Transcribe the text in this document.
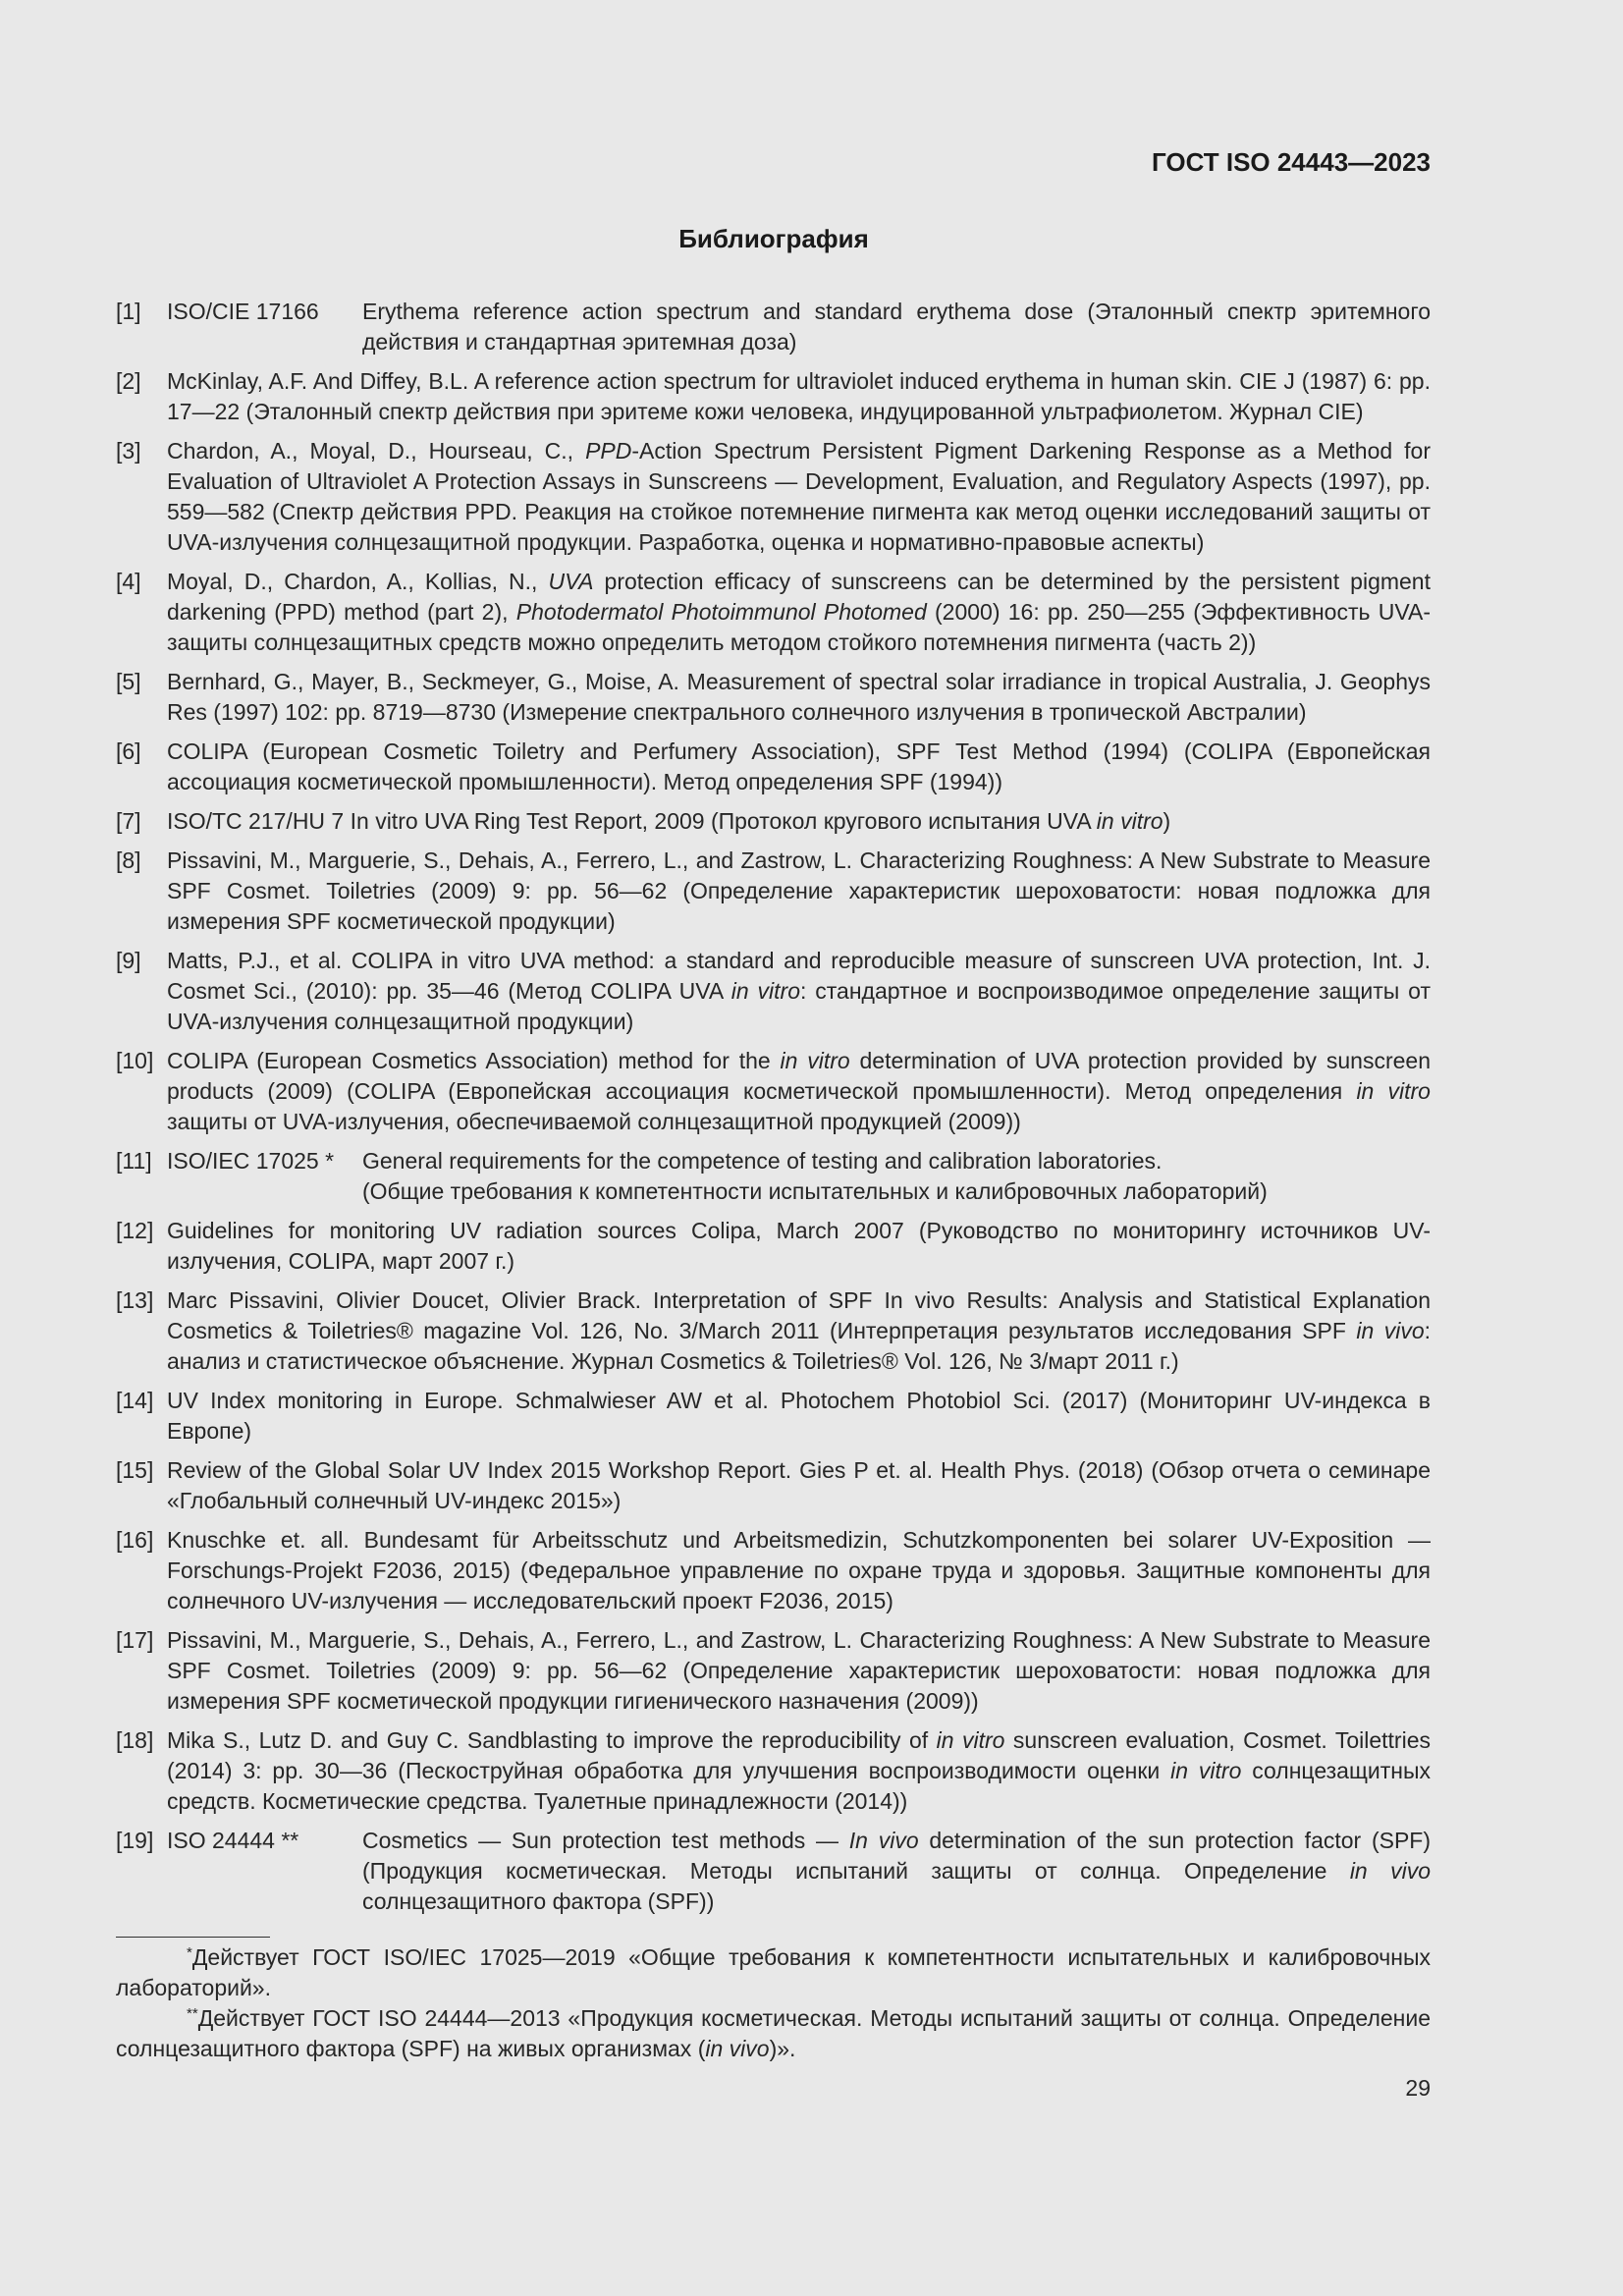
ГОСТ ISO 24443—2023
Библиография
[1]	ISO/CIE 17166	Erythema reference action spectrum and standard erythema dose (Эталонный спектр эритемного действия и стандартная эритемная доза)
[2]	McKinlay, A.F. And Diffey, B.L. A reference action spectrum for ultraviolet induced erythema in human skin. CIE J (1987) 6: pp. 17—22 (Эталонный спектр действия при эритеме кожи человека, индуцированной ультрафиолетом. Журнал CIE)
[3]	Chardon, A., Moyal, D., Hourseau, C., PPD-Action Spectrum Persistent Pigment Darkening Response as a Method for Evaluation of Ultraviolet A Protection Assays in Sunscreens — Development, Evaluation, and Regulatory Aspects (1997), pp. 559—582 (Спектр действия PPD. Реакция на стойкое потемнение пигмента как метод оценки исследований защиты от UVA-излучения солнцезащитной продукции. Разработка, оценка и нормативно-правовые аспекты)
[4]	Moyal, D., Chardon, A., Kollias, N., UVA protection efficacy of sunscreens can be determined by the persistent pigment darkening (PPD) method (part 2), Photodermatol Photoimmunol Photomed (2000) 16: pp. 250—255 (Эффективность UVA-защиты солнцезащитных средств можно определить методом стойкого потемнения пигмента (часть 2))
[5]	Bernhard, G., Mayer, B., Seckmeyer, G., Moise, A. Measurement of spectral solar irradiance in tropical Australia, J. Geophys Res (1997) 102: pp. 8719—8730 (Измерение спектрального солнечного излучения в тропической Австралии)
[6]	COLIPA (European Cosmetic Toiletry and Perfumery Association), SPF Test Method (1994) (COLIPA (Европейская ассоциация косметической промышленности). Метод определения SPF (1994))
[7]	ISO/TC 217/HU 7 In vitro UVA Ring Test Report, 2009 (Протокол кругового испытания UVA in vitro)
[8]	Pissavini, M., Marguerie, S., Dehais, A., Ferrero, L., and Zastrow, L. Characterizing Roughness: A New Substrate to Measure SPF Cosmet. Toiletries (2009) 9: pp. 56—62 (Определение характеристик шероховатости: новая подложка для измерения SPF косметической продукции)
[9]	Matts, P.J., et al. COLIPA in vitro UVA method: a standard and reproducible measure of sunscreen UVA protection, Int. J. Cosmet Sci., (2010): pp. 35—46 (Метод COLIPA UVA in vitro: стандартное и воспроизводимое определение защиты от UVA-излучения солнцезащитной продукции)
[10] COLIPA (European Cosmetics Association) method for the in vitro determination of UVA protection provided by sunscreen products (2009) (COLIPA (Европейская ассоциация косметической промышленности). Метод определения in vitro защиты от UVA-излучения, обеспечиваемой солнцезащитной продукцией (2009))
[11] ISO/IEC 17025 *	General requirements for the competence of testing and calibration laboratories.
(Общие требования к компетентности испытательных и калибровочных лабораторий)
[12] Guidelines for monitoring UV radiation sources Colipa, March 2007 (Руководство по мониторингу источников UV-излучения, COLIPA, март 2007 г.)
[13] Marc Pissavini, Olivier Doucet, Olivier Brack. Interpretation of SPF In vivo Results: Analysis and Statistical Explanation Cosmetics & Toiletries® magazine Vol. 126, No. 3/March 2011 (Интерпретация результатов исследования SPF in vivo: анализ и статистическое объяснение. Журнал Cosmetics & Toiletries® Vol. 126, № 3/март 2011 г.)
[14] UV Index monitoring in Europe. Schmalwieser AW et al. Photochem Photobiol Sci. (2017) (Мониторинг UV-индекса в Европе)
[15] Review of the Global Solar UV Index 2015 Workshop Report. Gies P et. al. Health Phys. (2018) (Обзор отчета о семинаре «Глобальный солнечный UV-индекс 2015»)
[16] Knuschke et. all. Bundesamt für Arbeitsschutz und Arbeitsmedizin, Schutzkomponenten bei solarer UV-Exposition — Forschungs-Projekt F2036, 2015) (Федеральное управление по охране труда и здоровья. Защитные компоненты для солнечного UV-излучения — исследовательский проект F2036, 2015)
[17] Pissavini, M., Marguerie, S., Dehais, A., Ferrero, L., and Zastrow, L. Characterizing Roughness: A New Substrate to Measure SPF Cosmet. Toiletries (2009) 9: pp. 56—62 (Определение характеристик шероховатости: новая подложка для измерения SPF косметической продукции гигиенического назначения (2009))
[18] Mika S., Lutz D. and Guy C. Sandblasting to improve the reproducibility of in vitro sunscreen evaluation, Cosmet. Toilettries (2014) 3: pp. 30—36 (Пескоструйная обработка для улучшения воспроизводимости оценки in vitro солнцезащитных средств. Косметические средства. Туалетные принадлежности (2014))
[19] ISO 24444 **	Cosmetics — Sun protection test methods — In vivo determination of the sun protection factor (SPF) (Продукция косметическая. Методы испытаний защиты от солнца. Определение in vivo солнцезащитного фактора (SPF))
*Действует ГОСТ ISO/IEC 17025—2019 «Общие требования к компетентности испытательных и калибровочных лабораторий».
**Действует ГОСТ ISO 24444—2013 «Продукция косметическая. Методы испытаний защиты от солнца. Определение солнцезащитного фактора (SPF) на живых организмах (in vivo)».
29
